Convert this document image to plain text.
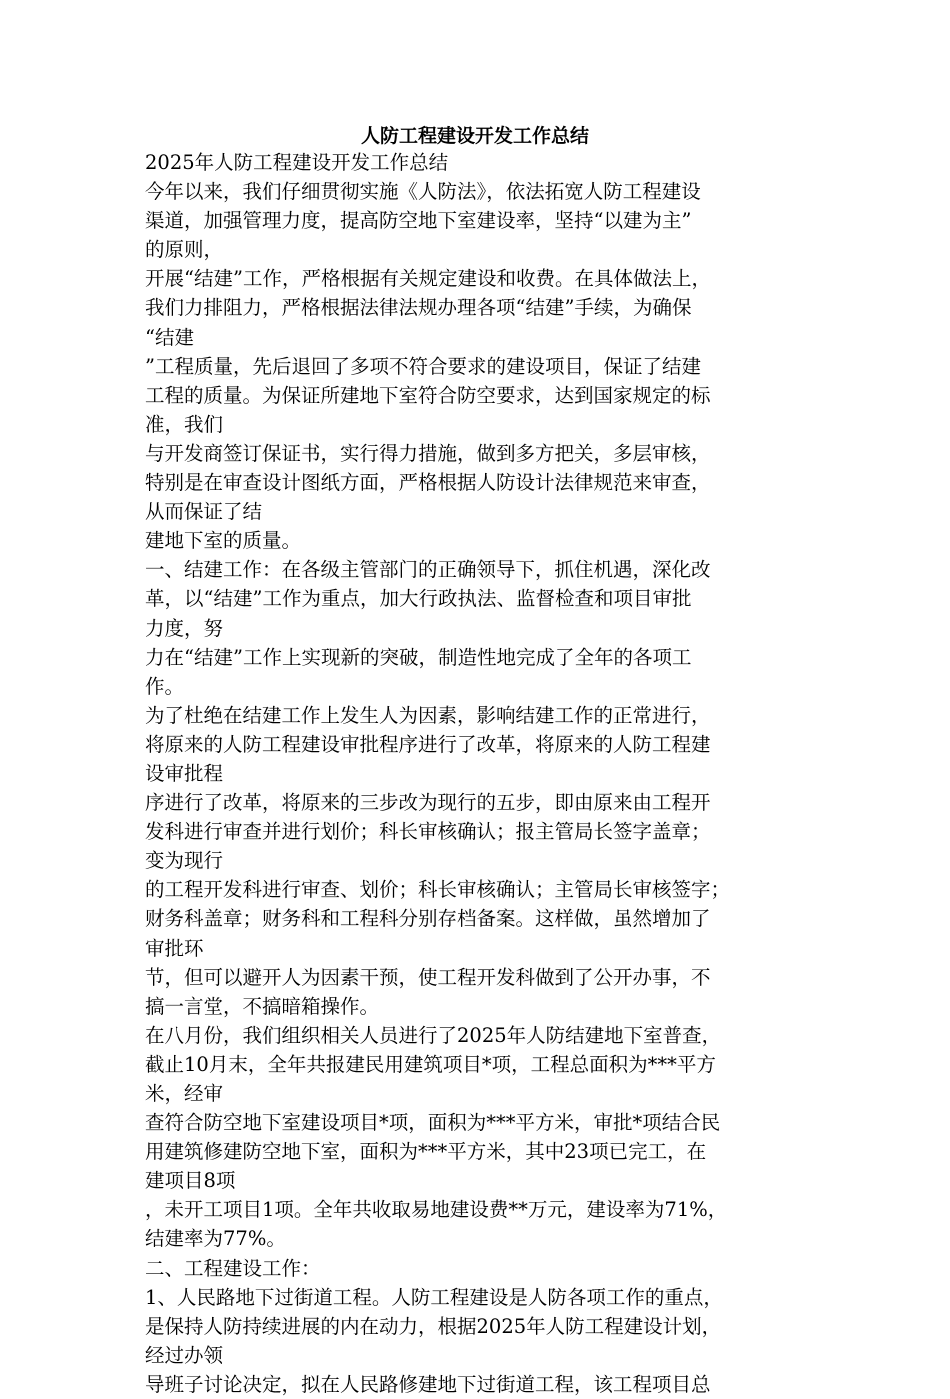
人防工程建设开发工作总结
2025年人防工程建设开发工作总结
今年以来，我们仔细贯彻实施《人防法》，依法拓宽人防工程建设
渠道，加强管理力度，提高防空地下室建设率，坚持“以建为主”
的原则，
开展“结建”工作，严格根据有关规定建设和收费。在具体做法上，
我们力排阻力，严格根据法律法规办理各项“结建”手续，为确保
“结建
”工程质量，先后退回了多项不符合要求的建设项目，保证了结建
工程的质量。为保证所建地下室符合防空要求，达到国家规定的标
准，我们
与开发商签订保证书，实行得力措施，做到多方把关，多层审核，
特别是在审查设计图纸方面，严格根据人防设计法律规范来审查，
从而保证了结
建地下室的质量。
一、结建工作：在各级主管部门的正确领导下，抓住机遇，深化改
革，以“结建”工作为重点，加大行政执法、监督检查和项目审批
力度，努
力在“结建”工作上实现新的突破，制造性地完成了全年的各项工
作。
为了杜绝在结建工作上发生人为因素，影响结建工作的正常进行，
将原来的人防工程建设审批程序进行了改革，将原来的人防工程建
设审批程
序进行了改革，将原来的三步改为现行的五步，即由原来由工程开
发科进行审查并进行划价；科长审核确认；报主管局长签字盖章；
变为现行
的工程开发科进行审查、划价；科长审核确认；主管局长审核签字；
财务科盖章；财务科和工程科分别存档备案。这样做，虽然增加了
审批环
节，但可以避开人为因素干预，使工程开发科做到了公开办事，不
搞一言堂，不搞暗箱操作。
在八月份，我们组织相关人员进行了2025年人防结建地下室普查，
截止10月末，全年共报建民用建筑项目*项，工程总面积为***平方
米，经审
查符合防空地下室建设项目*项，面积为***平方米，审批*项结合民
用建筑修建防空地下室，面积为***平方米，其中23项已完工，在
建项目8项
，未开工项目1项。全年共收取易地建设费**万元，建设率为71%，
结建率为77%。
二、工程建设工作：
1、人民路地下过街道工程。人防工程建设是人防各项工作的重点，
是保持人防持续进展的内在动力，根据2025年人防工程建设计划，
经过办领
导班子讨论决定，拟在人民路修建地下过街道工程，该工程项目总
